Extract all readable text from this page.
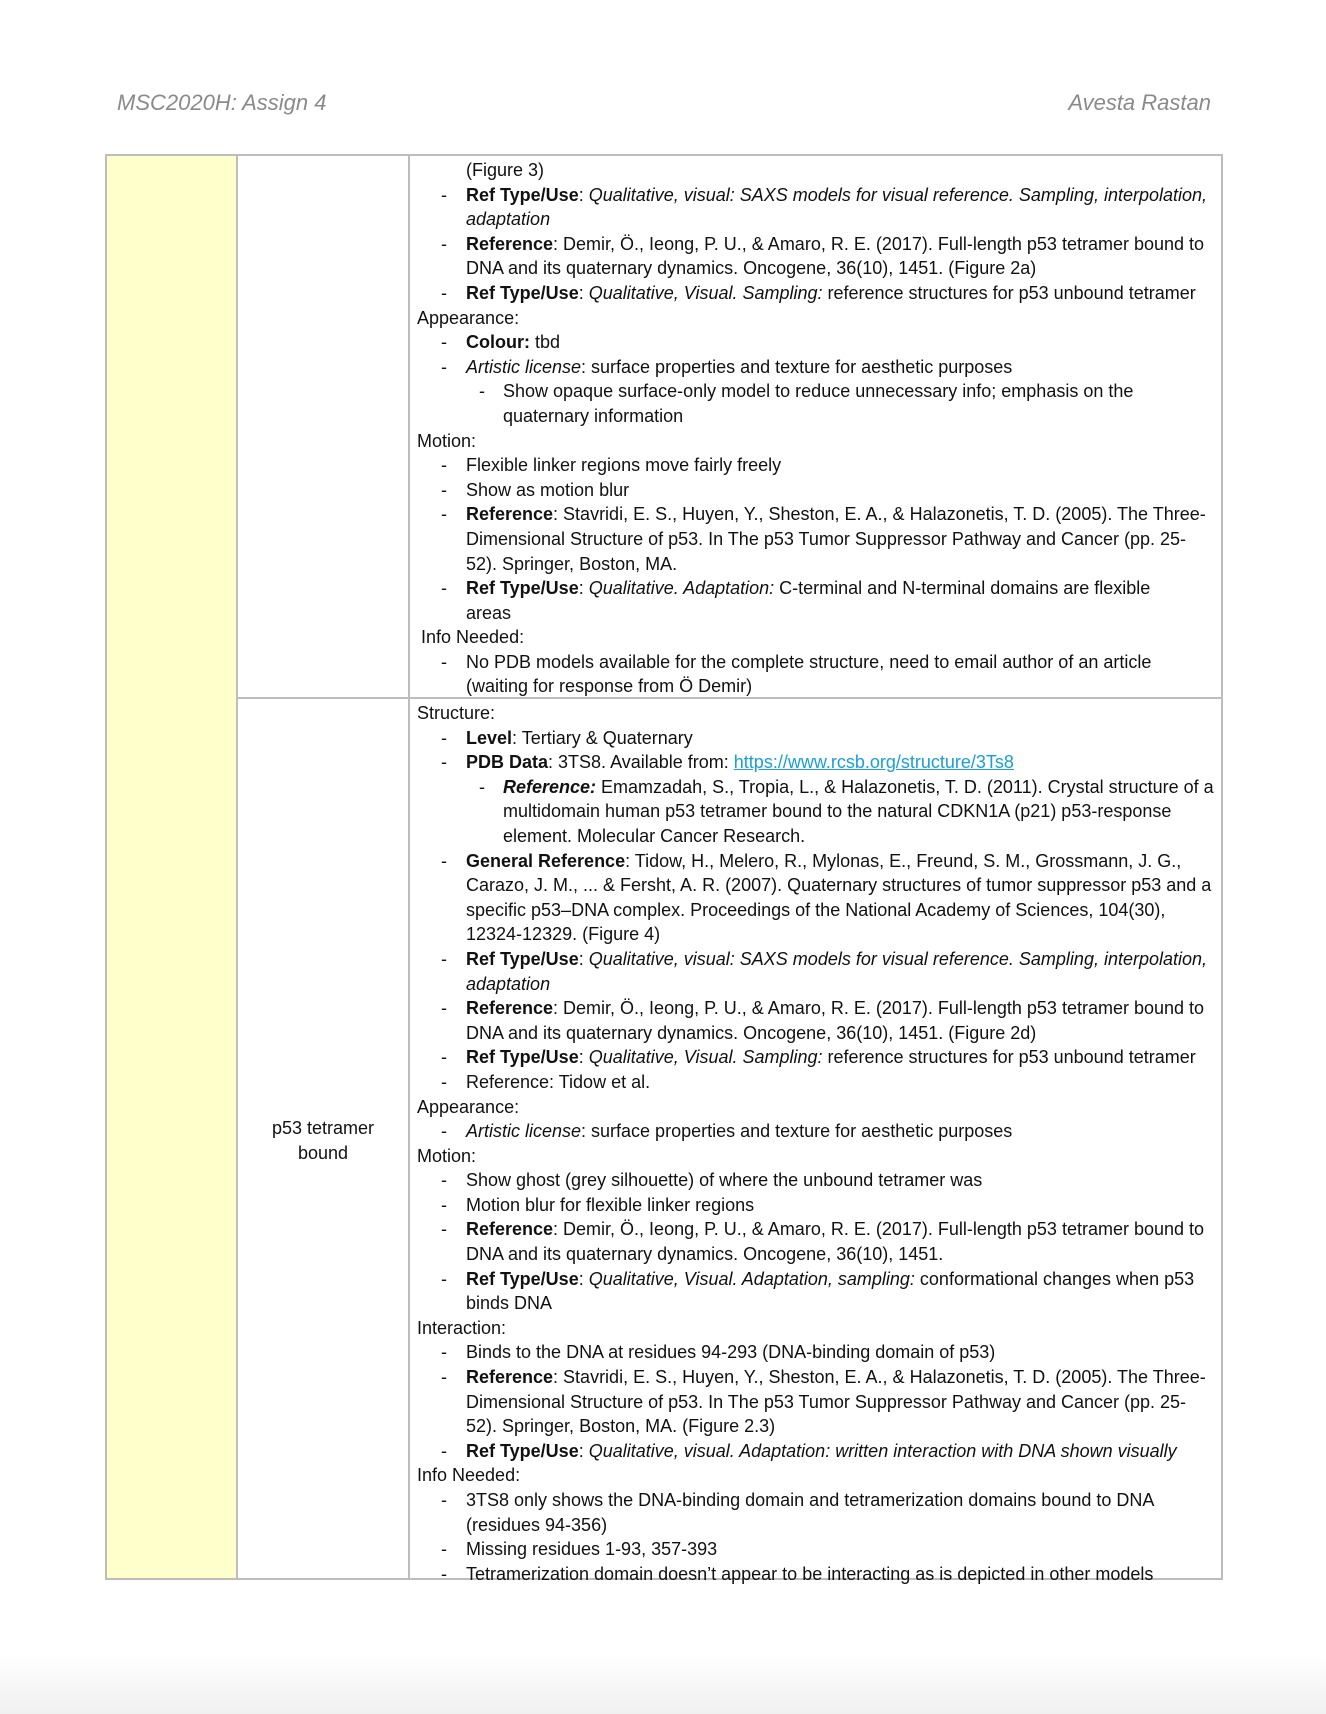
MSC2020H: Assign 4	Avesta Rastan
p53 tetramer
bound
(Figure 3)
- Ref Type/Use: Qualitative, visual: SAXS models for visual reference. Sampling, interpolation,
adaptation
- Reference: Demir, Ö., Ieong, P. U., & Amaro, R. E. (2017). Full-length p53 tetramer bound to
DNA and its quaternary dynamics. Oncogene, 36(10), 1451. (Figure 2a)
- Ref Type/Use: Qualitative, Visual. Sampling: reference structures for p53 unbound tetramer
Appearance:
- Colour: tbd
- Artistic license: surface properties and texture for aesthetic purposes
- Show opaque surface-only model to reduce unnecessary info; emphasis on the
quaternary information
Motion:
- Flexible linker regions move fairly freely
- Show as motion blur
- Reference: Stavridi, E. S., Huyen, Y., Sheston, E. A., & Halazonetis, T. D. (2005). The Three-
Dimensional Structure of p53. In The p53 Tumor Suppressor Pathway and Cancer (pp. 25-
52). Springer, Boston, MA.
- Ref Type/Use: Qualitative. Adaptation: C-terminal and N-terminal domains are flexible
areas
Info Needed:
- No PDB models available for the complete structure, need to email author of an article
(waiting for response from Ö Demir)
Structure:
- Level: Tertiary & Quaternary
- PDB Data: 3TS8. Available from: https://www.rcsb.org/structure/3Ts8
- Reference: Emamzadah, S., Tropia, L., & Halazonetis, T. D. (2011). Crystal structure of a
multidomain human p53 tetramer bound to the natural CDKN1A (p21) p53-response
element. Molecular Cancer Research.
- General Reference: Tidow, H., Melero, R., Mylonas, E., Freund, S. M., Grossmann, J. G.,
Carazo, J. M., ... & Fersht, A. R. (2007). Quaternary structures of tumor suppressor p53 and a
specific p53–DNA complex. Proceedings of the National Academy of Sciences, 104(30),
12324-12329. (Figure 4)
- Ref Type/Use: Qualitative, visual: SAXS models for visual reference. Sampling, interpolation,
adaptation
- Reference: Demir, Ö., Ieong, P. U., & Amaro, R. E. (2017). Full-length p53 tetramer bound to
DNA and its quaternary dynamics. Oncogene, 36(10), 1451. (Figure 2d)
- Ref Type/Use: Qualitative, Visual. Sampling: reference structures for p53 unbound tetramer
- Reference: Tidow et al.
Appearance:
- Artistic license: surface properties and texture for aesthetic purposes
Motion:
- Show ghost (grey silhouette) of where the unbound tetramer was
- Motion blur for flexible linker regions
- Reference: Demir, Ö., Ieong, P. U., & Amaro, R. E. (2017). Full-length p53 tetramer bound to
DNA and its quaternary dynamics. Oncogene, 36(10), 1451.
- Ref Type/Use: Qualitative, Visual. Adaptation, sampling: conformational changes when p53
binds DNA
Interaction:
- Binds to the DNA at residues 94-293 (DNA-binding domain of p53)
- Reference: Stavridi, E. S., Huyen, Y., Sheston, E. A., & Halazonetis, T. D. (2005). The Three-
Dimensional Structure of p53. In The p53 Tumor Suppressor Pathway and Cancer (pp. 25-
52). Springer, Boston, MA. (Figure 2.3)
- Ref Type/Use: Qualitative, visual. Adaptation: written interaction with DNA shown visually
Info Needed:
- 3TS8 only shows the DNA-binding domain and tetramerization domains bound to DNA
(residues 94-356)
- Missing residues 1-93, 357-393
- Tetramerization domain doesn’t appear to be interacting as is depicted in other models
